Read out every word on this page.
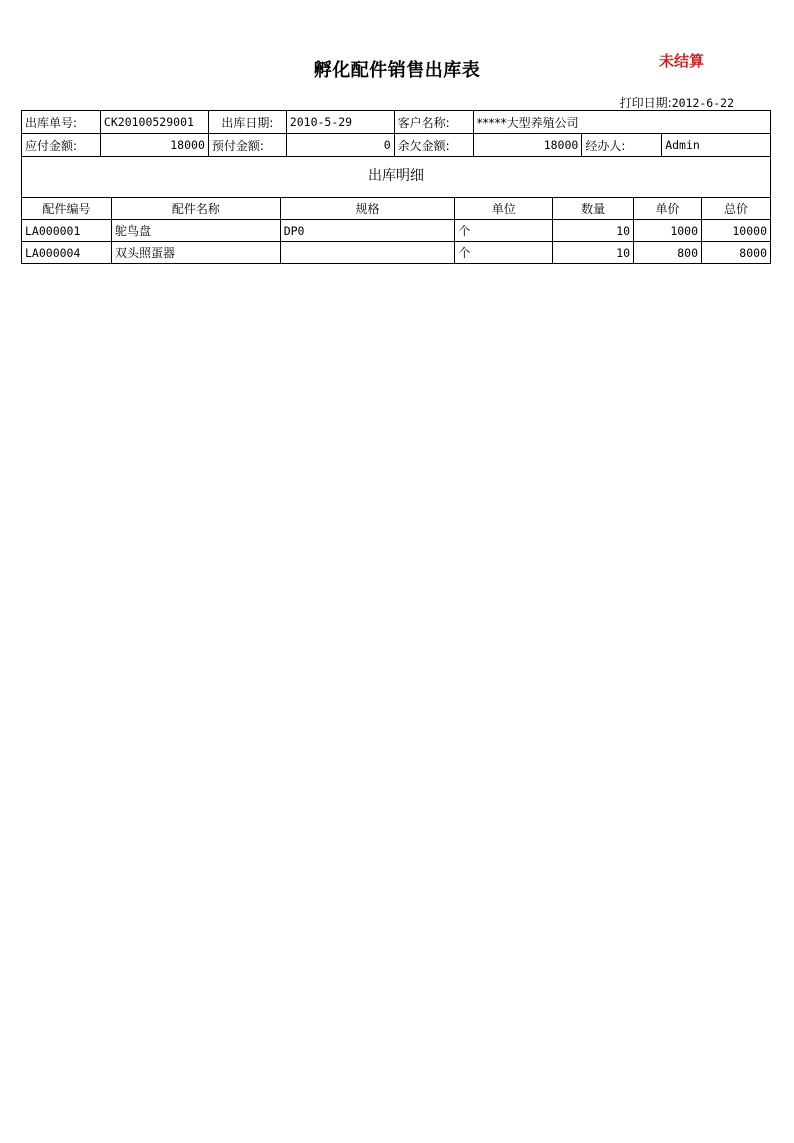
孵化配件销售出库表	未结算
打印日期:2012-6-22
出库单号:	CK20100529001	出库日期:	2010-5-29	客户名称:	*****大型养殖公司		
应付金额:	18000	预付金额:	0	余欠金额:	18000	经办人:	Admin
出库明细
配件编号	配件名称	规格	单位	数量	单价	总价
LA000001	鸵鸟盘	DP0	个	10	1000	10000
LA000004	双头照蛋器		个	10	800	8000
